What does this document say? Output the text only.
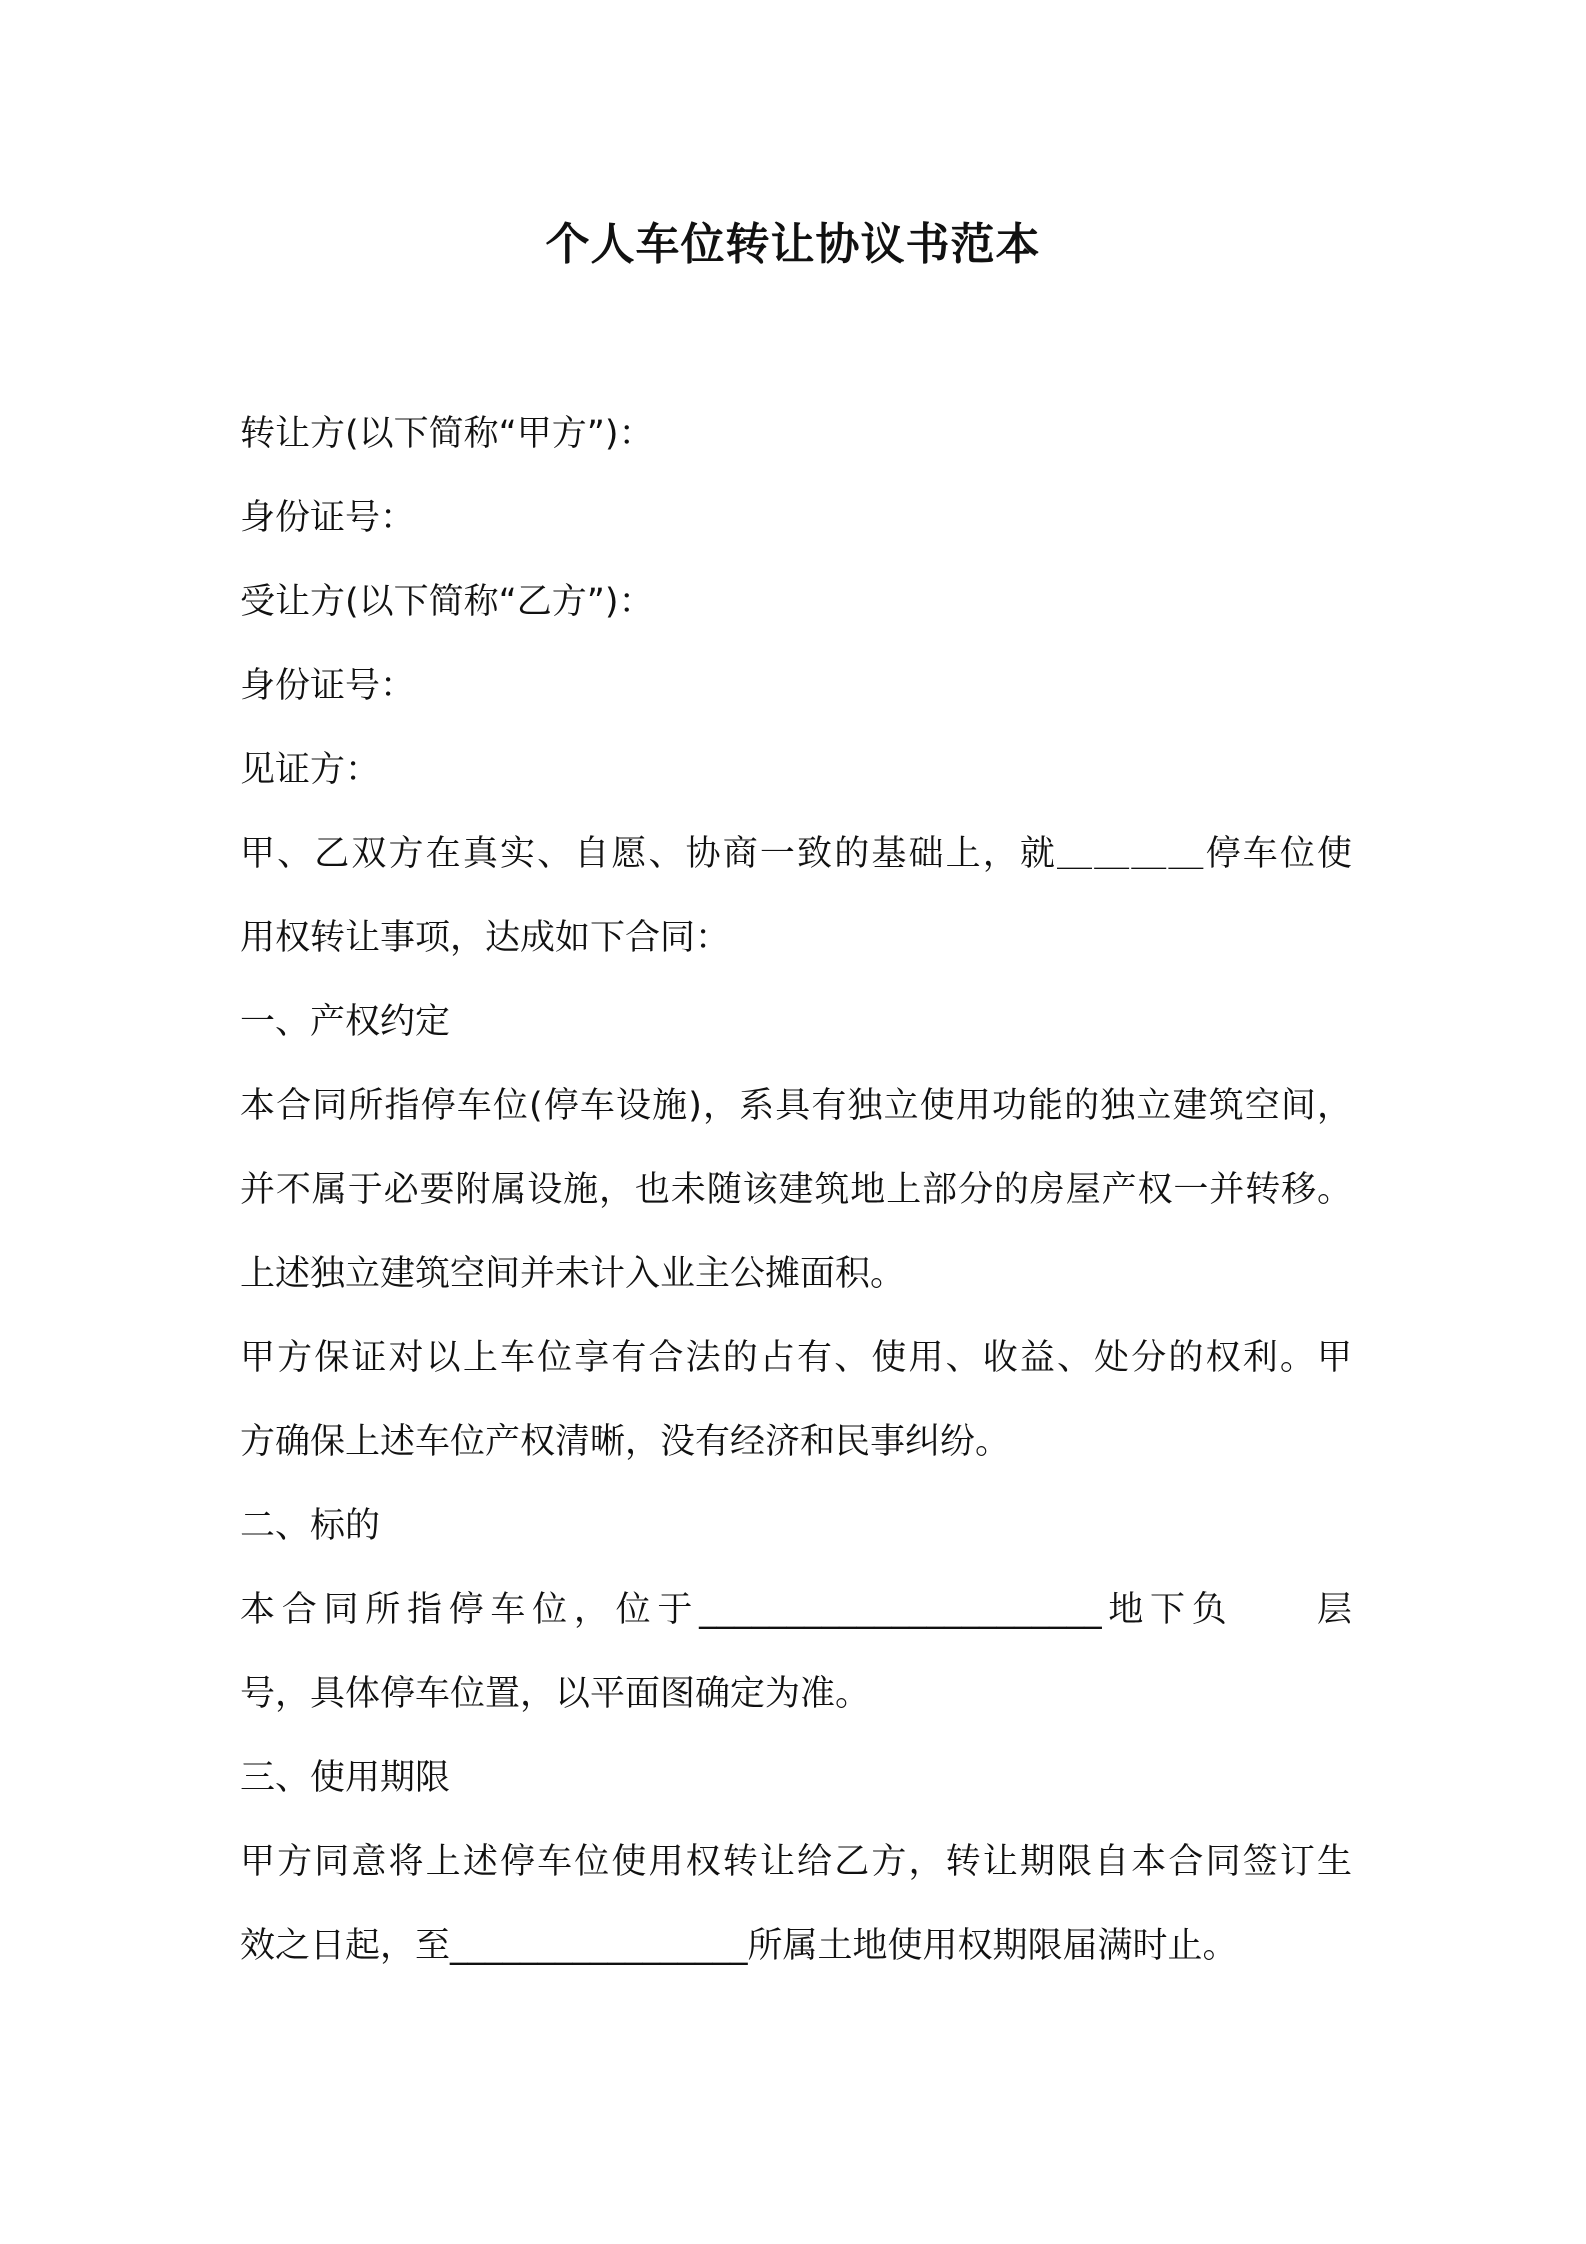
个人车位转让协议书范本
转让方(以下简称“甲方”)：
身份证号：
受让方(以下简称“乙方”)：
身份证号：
见证方：
甲、乙双方在真实、自愿、协商一致的基础上，就＿＿＿＿停车位使
用权转让事项，达成如下合同：
一、产权约定
本合同所指停车位(停车设施)，系具有独立使用功能的独立建筑空间，
并不属于必要附属设施，也未随该建筑地上部分的房屋产权一并转移。
上述独立建筑空间并未计入业主公摊面积。
甲方保证对以上车位享有合法的占有、使用、收益、处分的权利。甲
方确保上述车位产权清晰，没有经济和民事纠纷。
二、标的
本合同所指停车位，位于_______________________地下负　　层
号，具体停车位置，以平面图确定为准。
三、使用期限
甲方同意将上述停车位使用权转让给乙方，转让期限自本合同签订生
效之日起，至_________________所属土地使用权期限届满时止。
